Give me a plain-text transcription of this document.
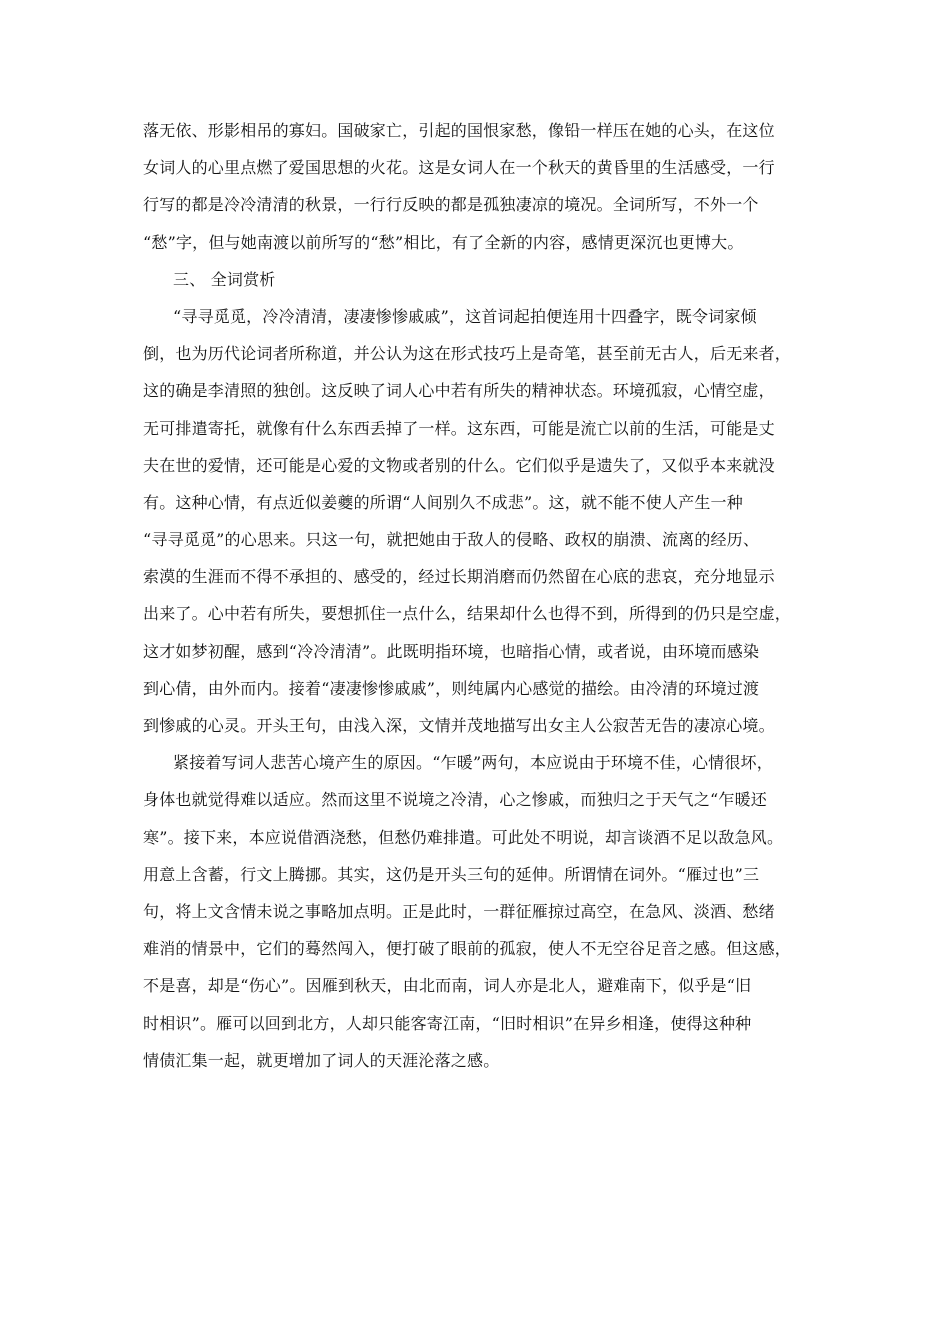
落无依、形影相吊的寡妇。国破家亡，引起的国恨家愁，像铅一样压在她的心头，在这位
女词人的心里点燃了爱国思想的火花。这是女词人在一个秋天的黄昏里的生活感受，一行
行写的都是冷冷清清的秋景，一行行反映的都是孤独凄凉的境况。全词所写，不外一个
“愁”字，但与她南渡以前所写的“愁”相比，有了全新的内容，感情更深沉也更博大。
三、 全词赏析
“寻寻觅觅，冷冷清清，凄凄惨惨戚戚”，这首词起拍便连用十四叠字，既令词家倾
倒，也为历代论词者所称道，并公认为这在形式技巧上是奇笔，甚至前无古人，后无来者，
这的确是李清照的独创。这反映了词人心中若有所失的精神状态。环境孤寂，心情空虚，
无可排遣寄托，就像有什么东西丢掉了一样。这东西，可能是流亡以前的生活，可能是丈
夫在世的爱情，还可能是心爱的文物或者别的什么。它们似乎是遗失了，又似乎本来就没
有。这种心情，有点近似姜夔的所谓“人间别久不成悲”。这，就不能不使人产生一种
“寻寻觅觅”的心思来。只这一句，就把她由于敌人的侵略、政权的崩溃、流离的经历、
索漠的生涯而不得不承担的、感受的，经过长期消磨而仍然留在心底的悲哀，充分地显示
出来了。心中若有所失，要想抓住一点什么，结果却什么也得不到，所得到的仍只是空虚，
这才如梦初醒，感到“冷冷清清”。此既明指环境，也暗指心情，或者说，由环境而感染
到心倩，由外而内。接着“凄凄惨惨戚戚”，则纯属内心感觉的描绘。由冷清的环境过渡
到惨戚的心灵。开头王句，由浅入深，文情并茂地描写出女主人公寂苦无告的凄凉心境。
紧接着写词人悲苦心境产生的原因。“乍暖”两句，本应说由于环境不佳，心情很坏，
身体也就觉得难以适应。然而这里不说境之冷清，心之惨戚，而独归之于天气之“乍暖还
寒”。接下来，本应说借酒浇愁，但愁仍难排遣。可此处不明说，却言谈酒不足以敌急风。
用意上含蓄，行文上腾挪。其实，这仍是开头三句的延伸。所谓情在词外。“雁过也”三
句，将上文含情未说之事略加点明。正是此时，一群征雁掠过高空，在急风、淡酒、愁绪
难消的情景中，它们的蓦然闯入，便打破了眼前的孤寂，使人不无空谷足音之感。但这感，
不是喜，却是“伤心”。因雁到秋天，由北而南，词人亦是北人，避难南下，似乎是“旧
时相识”。雁可以回到北方，人却只能客寄江南，“旧时相识”在异乡相逢，使得这种种
情债汇集一起，就更增加了词人的天涯沦落之感。
